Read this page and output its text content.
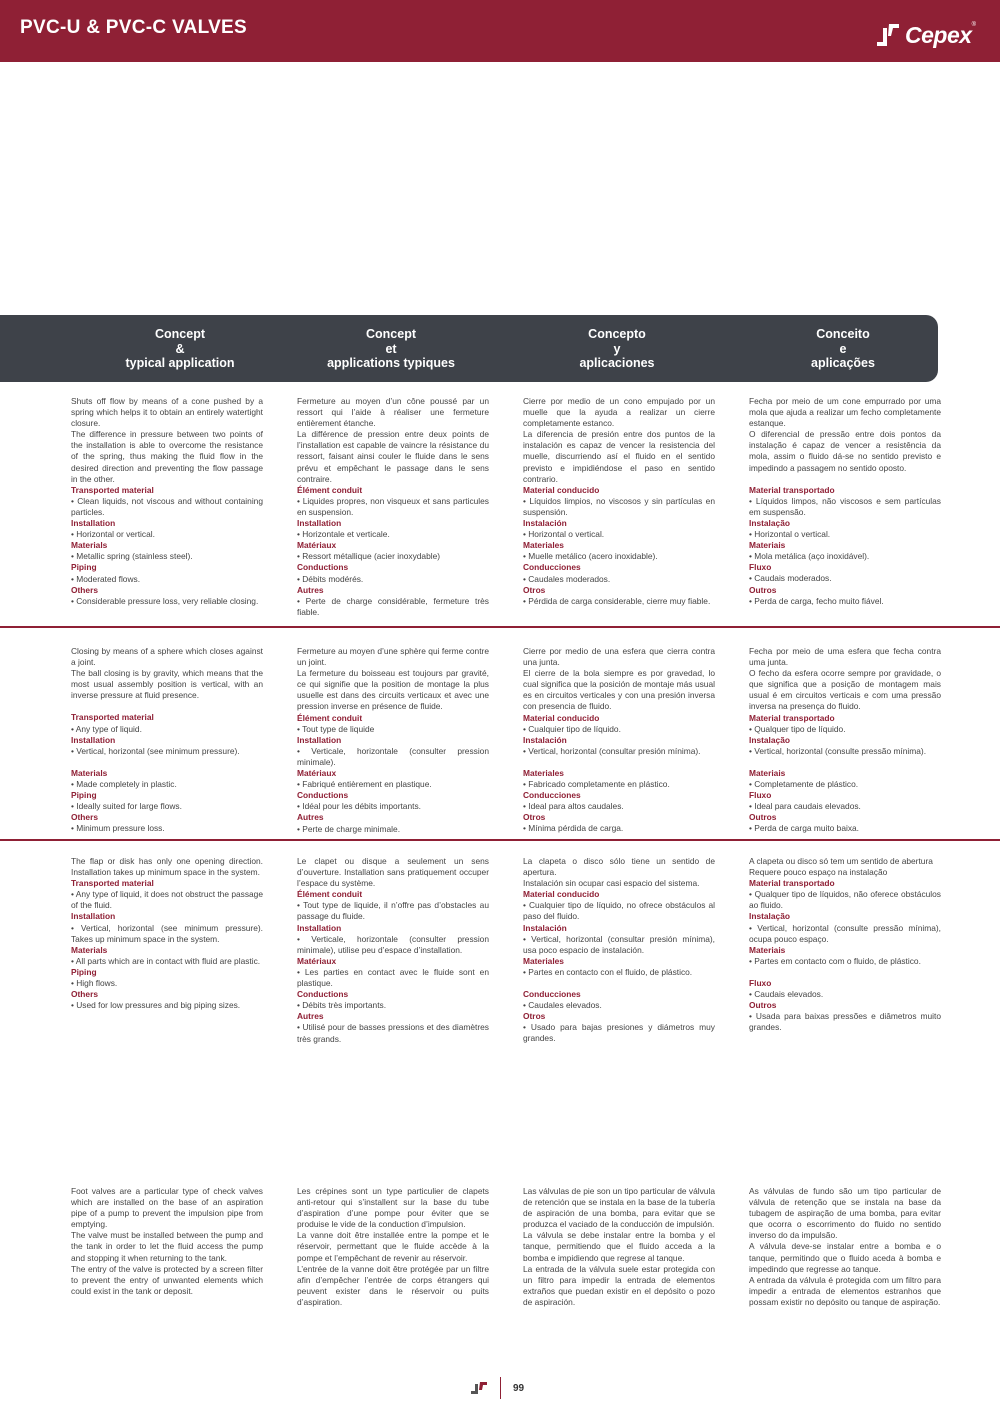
PVC-U & PVC-C VALVES	Cepex ®
Concept
&
typical application
Concept
et
applications typiques
Concepto
y
aplicaciones
Conceito
e
aplicações
Shuts off flow by means of a cone pushed by a spring which helps it to obtain an entirely watertight closure.
The difference in pressure between two points of the installation is able to overcome the resistance of the spring, thus making the fluid flow in the desired direction and preventing the flow passage in the other.
Transported material
• Clean liquids, not viscous and without containing particles.
Installation
• Horizontal or vertical.
Materials
• Metallic spring (stainless steel).
Piping
• Moderated flows.
Others
• Considerable pressure loss, very reliable closing.
Fermeture au moyen d’un cône poussé par un ressort qui l’aide à réaliser une fermeture entièrement étanche.
La différence de pression entre deux points de l’installation est capable de vaincre la résistance du ressort, faisant ainsi couler le fluide dans le sens prévu et empêchant le passage dans le sens contraire.
Élément conduit
• Liquides propres, non visqueux et sans particules en suspension.
Installation
• Horizontale et verticale.
Matériaux
• Ressort métallique (acier inoxydable)
Conductions
• Débits modérés.
Autres
• Perte de charge considérable, fermeture très fiable.
Cierre por medio de un cono empujado por un muelle que la ayuda a realizar un cierre completamente estanco.
La diferencia de presión entre dos puntos de la instalación es capaz de vencer la resistencia del muelle, discurriendo así el fluido en el sentido previsto e impidiéndose el paso en sentido contrario.
Material conducido
• Líquidos limpios, no viscosos y sin partículas en suspensión.
Instalación
• Horizontal o vertical.
Materiales
• Muelle metálico (acero inoxidable).
Conducciones
• Caudales moderados.
Otros
• Pérdida de carga considerable, cierre muy fiable.
Fecha por meio de um cone empurrado por uma mola que ajuda a realizar um fecho completamente estanque.
O diferencial de pressão entre dois pontos da instalação é capaz de vencer a resistência da mola, assim o fluido dá-se no sentido previsto e impedindo a passagem no sentido oposto.
Material transportado
• Líquidos limpos, não viscosos e sem partículas em suspensão.
Instalação
• Horizontal o vertical.
Materiais
• Mola metálica (aço inoxidável).
Fluxo
• Caudais moderados.
Outros
• Perda de carga, fecho muito fiável.
Closing by means of a sphere which closes against a joint.
The ball closing is by gravity, which means that the most usual assembly position is vertical, with an inverse pressure at fluid presence.
Transported material
• Any type of liquid.
Installation
• Vertical, horizontal (see minimum pressure).
Materials
• Made completely in plastic.
Piping
• Ideally suited for large flows.
Others
• Minimum pressure loss.
Fermeture au moyen d’une sphère qui ferme contre un joint.
La fermeture du boisseau est toujours par gravité, ce qui signifie que la position de montage la plus usuelle est dans des circuits verticaux et avec une pression inverse en présence de fluide.
Élément conduit
• Tout type de liquide
Installation
• Verticale, horizontale (consulter pression minimale).
Matériaux
• Fabriqué entièrement en plastique.
Conductions
• Idéal pour les débits importants.
Autres
• Perte de charge minimale.
Cierre por medio de una esfera que cierra contra una junta.
El cierre de la bola siempre es por gravedad, lo cual significa que la posición de montaje más usual es en circuitos verticales y con una presión inversa con presencia de fluido.
Material conducido
• Cualquier tipo de líquido.
Instalación
• Vertical, horizontal (consultar presión mínima).
Materiales
• Fabricado completamente en plástico.
Conducciones
• Ideal para altos caudales.
Otros
• Mínima pérdida de carga.
Fecha por meio de uma esfera que fecha contra uma junta.
O fecho da esfera ocorre sempre por gravidade, o que significa que a posição de montagem mais usual é em circuitos verticais e com uma pressão inversa na presença do fluido.
Material transportado
• Qualquer tipo de líquido.
Instalação
• Vertical, horizontal (consulte pressão mínima).
Materiais
• Completamente de plástico.
Fluxo
• Ideal para caudais elevados.
Outros
• Perda de carga muito baixa.
The flap or disk has only one opening direction. Installation takes up minimum space in the system.
Transported material
• Any type of liquid, it does not obstruct the passage of the fluid.
Installation
• Vertical, horizontal (see minimum pressure). Takes up minimum space in the system.
Materials
• All parts which are in contact with fluid are plastic.
Piping
• High flows.
Others
• Used for low pressures and big piping sizes.
Le clapet ou disque a seulement un sens d’ouverture. Installation sans pratiquement occuper l’espace du système.
Élément conduit
• Tout type de liquide, il n’offre pas d’obstacles au passage du fluide.
Installation
• Verticale, horizontale (consulter pression minimale), utilise peu d’espace d’installation.
Matériaux
• Les parties en contact avec le fluide sont en plastique.
Conductions
• Débits très importants.
Autres
• Utilisé pour de basses pressions et des diamètres très grands.
La clapeta o disco sólo tiene un sentido de apertura.
Instalación sin ocupar casi espacio del sistema.
Material conducido
• Cualquier tipo de líquido, no ofrece obstáculos al paso del fluido.
Instalación
• Vertical, horizontal (consultar presión mínima), usa poco espacio de instalación.
Materiales
• Partes en contacto con el fluido, de plástico.
Conducciones
• Caudales elevados.
Otros
• Usado para bajas presiones y diámetros muy grandes.
A clapeta ou disco só tem um sentido de abertura
Requere pouco espaço na instalação
Material transportado
• Qualquer tipo de líquidos, não oferece obstáculos ao fluido.
Instalação
• Vertical, horizontal (consulte pressão mínima), ocupa pouco espaço.
Materiais
• Partes em contacto com o fluido, de plástico.
Fluxo
• Caudais elevados.
Outros
• Usada para baixas pressões e diâmetros muito grandes.
Foot valves are a particular type of check valves which are installed on the base of an aspiration pipe of a pump to prevent the impulsion pipe from emptying.
The valve must be installed between the pump and the tank in order to let the fluid access the pump and stopping it when returning to the tank.
The entry of the valve is protected by a screen filter to prevent the entry of unwanted elements which could exist in the tank or deposit.
Les crépines sont un type particulier de clapets anti-retour qui s’installent sur la base du tube d’aspiration d’une pompe pour éviter que se produise le vide de la conduction d’impulsion.
La vanne doit être installée entre la pompe et le réservoir, permettant que le fluide accède à la pompe et l’empêchant de revenir au réservoir.
L’entrée de la vanne doit être protégée par un filtre afin d’empêcher l’entrée de corps étrangers qui peuvent exister dans le réservoir ou puits d’aspiration.
Las válvulas de pie son un tipo particular de válvula de retención que se instala en la base de la tubería de aspiración de una bomba, para evitar que se produzca el vaciado de la conducción de impulsión.
La válvula se debe instalar entre la bomba y el tanque, permitiendo que el fluido acceda a la bomba e impidiendo que regrese al tanque.
La entrada de la válvula suele estar protegida con un filtro para impedir la entrada de elementos extraños que puedan existir en el depósito o pozo de aspiración.
As válvulas de fundo são um tipo particular de válvula de retenção que se instala na base da tubagem de aspiração de uma bomba, para evitar que ocorra o escorrimento do fluido no sentido inverso do da impulsão.
A válvula deve-se instalar entre a bomba e o tanque, permitindo que o fluido aceda à bomba e impedindo que regresse ao tanque.
A entrada da válvula é protegida com um filtro para impedir a entrada de elementos estranhos que possam existir no depósito ou tanque de aspiração.
99
